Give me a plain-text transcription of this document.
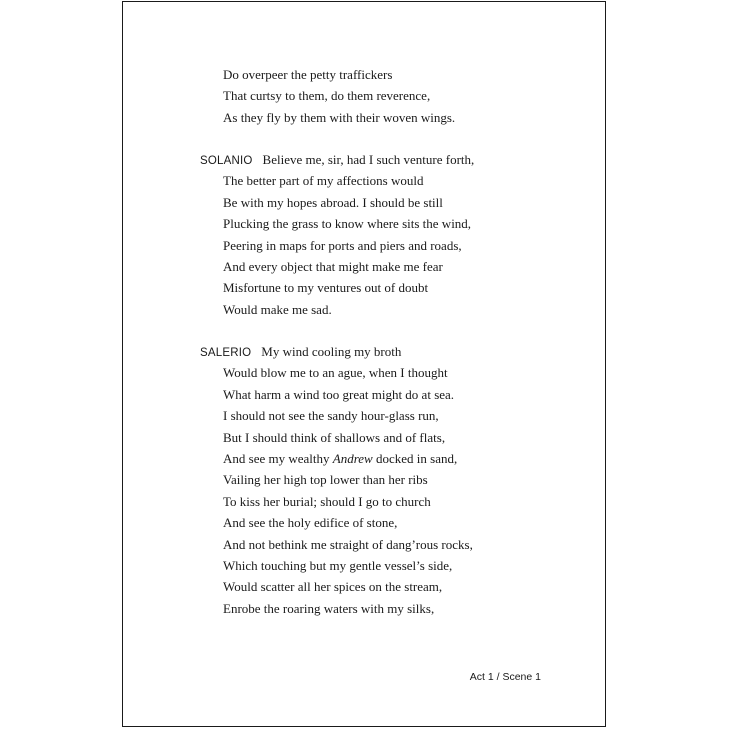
Do overpeer the petty traffickers
That curtsy to them, do them reverence,
As they fly by them with their woven wings.
SOLANIO Believe me, sir, had I such venture forth,
The better part of my affections would
Be with my hopes abroad. I should be still
Plucking the grass to know where sits the wind,
Peering in maps for ports and piers and roads,
And every object that might make me fear
Misfortune to my ventures out of doubt
Would make me sad.
SALERIO My wind cooling my broth
Would blow me to an ague, when I thought
What harm a wind too great might do at sea.
I should not see the sandy hour-glass run,
But I should think of shallows and of flats,
And see my wealthy Andrew docked in sand,
Vailing her high top lower than her ribs
To kiss her burial; should I go to church
And see the holy edifice of stone,
And not bethink me straight of dang’rous rocks,
Which touching but my gentle vessel’s side,
Would scatter all her spices on the stream,
Enrobe the roaring waters with my silks,
Act 1 / Scene 1
